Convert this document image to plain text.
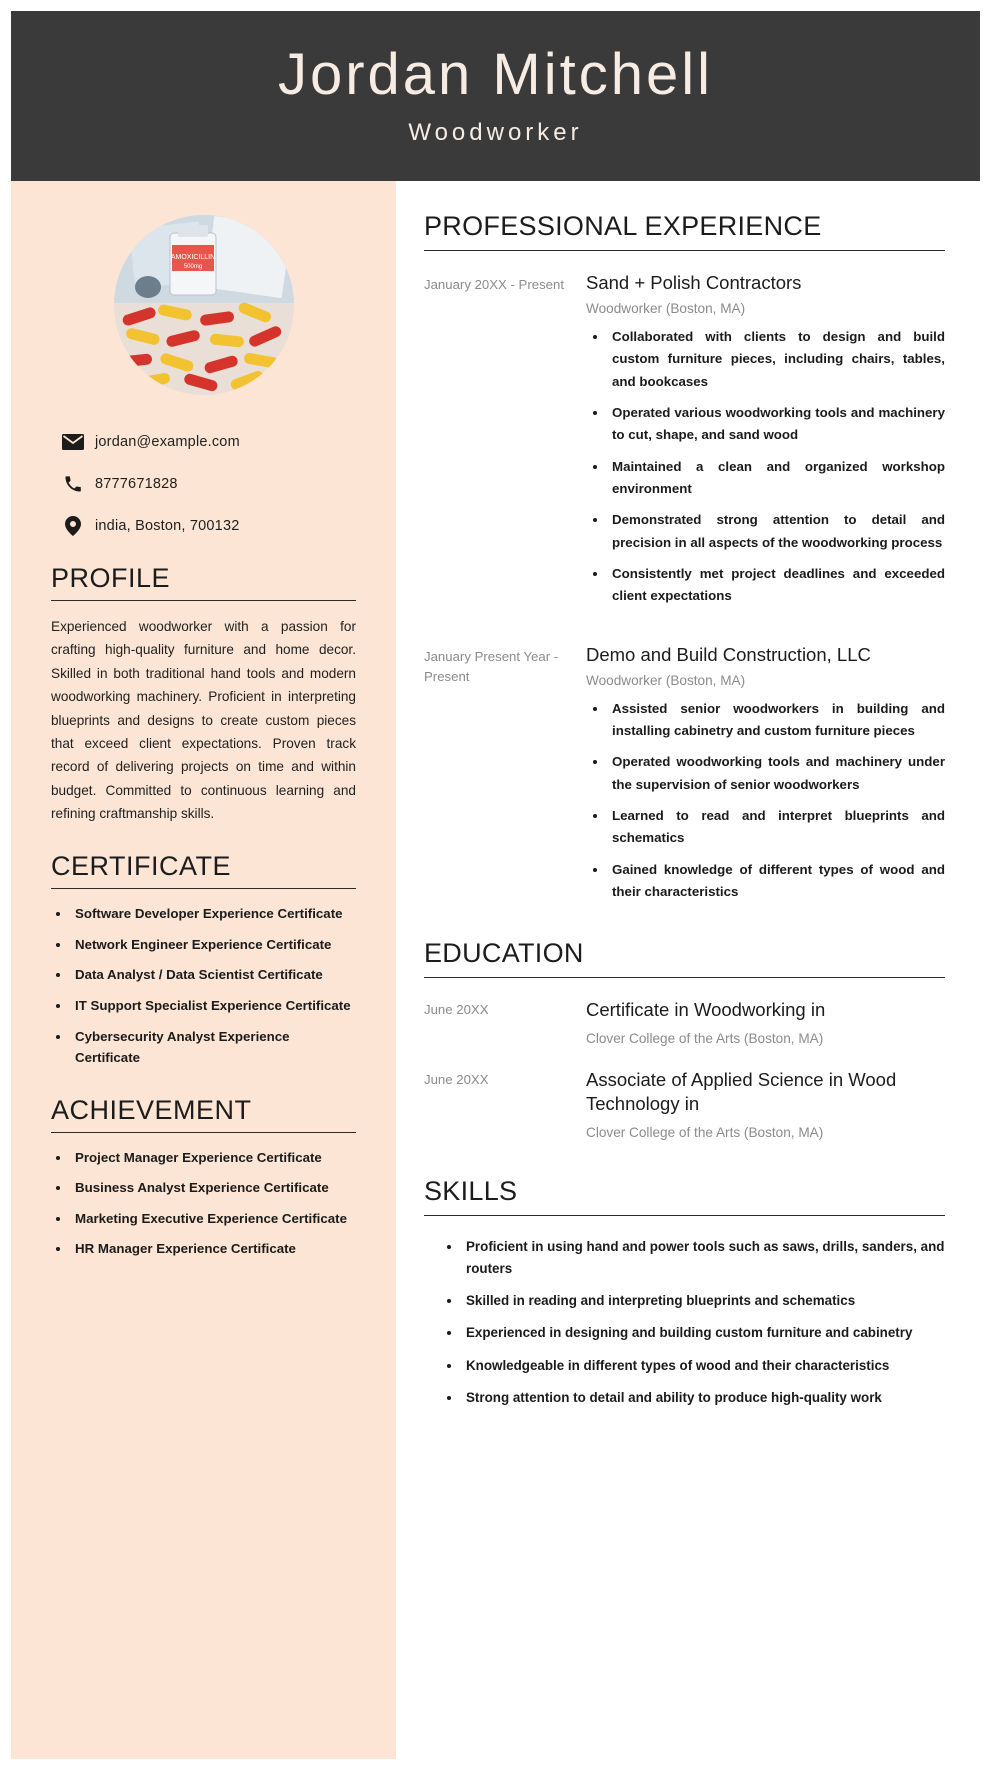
Jordan Mitchell
Woodworker
AMOXICILLIN
500mg
jordan@example.com
8777671828
india, Boston, 700132
PROFILE

Experienced woodworker with a passion for crafting high-quality furniture and home decor. Skilled in both traditional hand tools and modern woodworking machinery. Proficient in interpreting blueprints and designs to create custom pieces that exceed client expectations. Proven track record of delivering projects on time and within budget. Committed to continuous learning and refining craftmanship skills.

CERTIFICATE
• Software Developer Experience Certificate
• Network Engineer Experience Certificate
• Data Analyst / Data Scientist Certificate
• IT Support Specialist Experience Certificate
• Cybersecurity Analyst Experience Certificate
ACHIEVEMENT
• Project Manager Experience Certificate
• Business Analyst Experience Certificate
• Marketing Executive Experience Certificate
• HR Manager Experience Certificate
PROFESSIONAL EXPERIENCE
January 20XX - Present	Sand + Polish Contractors
Woodworker (Boston, MA)
• Collaborated with clients to design and build custom furniture pieces, including chairs, tables, and bookcases
• Operated various woodworking tools and machinery to cut, shape, and sand wood
• Maintained a clean and organized workshop environment
• Demonstrated strong attention to detail and precision in all aspects of the woodworking process
• Consistently met project deadlines and exceeded client expectations
January Present Year - Present
Demo and Build Construction, LLC
Woodworker (Boston, MA)
• Assisted senior woodworkers in building and installing cabinetry and custom furniture pieces
• Operated woodworking tools and machinery under the supervision of senior woodworkers
• Learned to read and interpret blueprints and schematics
• Gained knowledge of different types of wood and their characteristics
EDUCATION
June 20XX	Certificate in Woodworking in
Clover College of the Arts (Boston, MA)
June 20XX	Associate of Applied Science in Wood Technology in
Clover College of the Arts (Boston, MA)
SKILLS
• Proficient in using hand and power tools such as saws, drills, sanders, and routers
• Skilled in reading and interpreting blueprints and schematics
• Experienced in designing and building custom furniture and cabinetry
• Knowledgeable in different types of wood and their characteristics
• Strong attention to detail and ability to produce high-quality work
